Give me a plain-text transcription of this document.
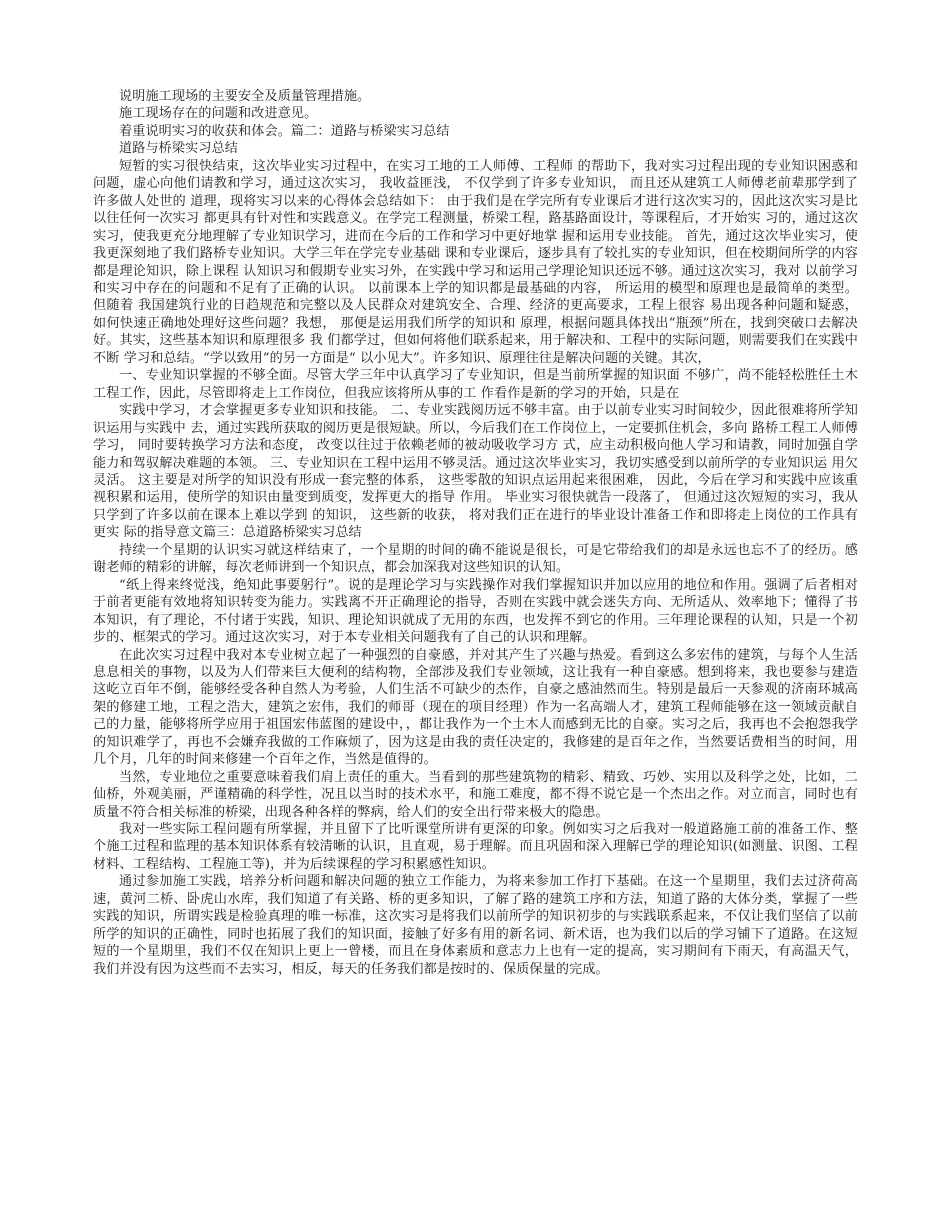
说明施工现场的主要安全及质量管理措施。

施工现场存在的问题和改进意见。

着重说明实习的收获和体会。篇二：道路与桥梁实习总结

道路与桥梁实习总结

短暂的实习很快结束，这次毕业实习过程中，在实习工地的工人师傅、工程师 的帮助下，我对实习过程出现的专业知识困惑和问题，虚心向他们请教和学习，通过这次实习， 我收益匪浅， 不仅学到了许多专业知识， 而且还从建筑工人师傅老前辈那学到了许多做人处世的 道理，现将实习以来的心得体会总结如下： 由于我们是在学完所有专业课后才进行这次实习的，因此这次实习是比以往任何一次实习 都更具有针对性和实践意义。在学完工程测量，桥梁工程，路基路面设计，等课程后，才开始实 习的，通过这次实习，使我更充分地理解了专业知识学习，进而在今后的工作和学习中更好地掌 握和运用专业技能。 首先，通过这次毕业实习，使我更深刻地了我们路桥专业知识。大学三年在学完专业基础 课和专业课后，逐步具有了较扎实的专业知识，但在校期间所学的内容都是理论知识，除上课程 认知识习和假期专业实习外，在实践中学习和运用己学理论知识还远不够。通过这次实习，我对 以前学习和实习中存在的问题和不足有了正确的认识。 以前课本上学的知识都是最基础的内容， 所运用的模型和原理也是最简单的类型。 但随着 我国建筑行业的日趋规范和完整以及人民群众对建筑安全、合理、经济的更高要求，工程上很容 易出现各种问题和疑惑， 如何快速正确地处理好这些问题？我想， 那便是运用我们所学的知识和 原理，根据问题具体找出“瓶颈”所在，找到突破口去解决好。其实，这些基本知识和原理很多 我 们都学过，但如何将他们联系起来，用于解决和、工程中的实际问题，则需要我们在实践中不断 学习和总结。“学以致用”的另一方面是“ 以小见大”。许多知识、原理往往是解决问题的关键。其次，

一、专业知识掌握的不够全面。尽管大学三年中认真学习了专业知识，但是当前所掌握的知识面 不够广，尚不能轻松胜任土木工程工作，因此，尽管即将走上工作岗位，但我应该将所从事的工 作看作是新的学习的开始，只是在

实践中学习，才会掌握更多专业知识和技能。 二、专业实践阅历远不够丰富。由于以前专业实习时间较少，因此很难将所学知识运用与实践中 去，通过实践所获取的阅历更是很短缺。所以，今后我们在工作岗位上，一定要抓住机会，多向 路桥工程工人师傅学习， 同时要转换学习方法和态度， 改变以往过于依赖老师的被动吸收学习方 式，应主动积极向他人学习和请教，同时加强自学能力和驾驭解决难题的本领。 三、专业知识在工程中运用不够灵活。通过这次毕业实习，我切实感受到以前所学的专业知识运 用欠灵活。 这主要是对所学的知识没有形成一套完整的体系， 这些零散的知识点运用起来很困难， 因此，今后在学习和实践中应该重视积累和运用，使所学的知识由量变到质变，发挥更大的指导 作用。 毕业实习很快就告一段落了， 但通过这次短短的实习，我从只学到了许多以前在课本上难以学到 的知识， 这些新的收获， 将对我们正在进行的毕业设计准备工作和即将走上岗位的工作具有更实 际的指导意文篇三：总道路桥梁实习总结

持续一个星期的认识实习就这样结束了，一个星期的时间的确不能说是很长，可是它带给我们的却是永远也忘不了的经历。感谢老师的精彩的讲解，每次老师讲到一个知识点，都会加深我对这些知识的认知。

“纸上得来终觉浅，绝知此事要躬行”。说的是理论学习与实践操作对我们掌握知识并加以应用的地位和作用。强调了后者相对于前者更能有效地将知识转变为能力。实践离不开正确理论的指导，否则在实践中就会迷失方向、无所适从、效率地下；懂得了书本知识，有了理论，不付诸于实践，知识、理论知识就成了无用的东西，也发挥不到它的作用。三年理论课程的认知，只是一个初步的、框架式的学习。通过这次实习，对于本专业相关问题我有了自己的认识和理解。

在此次实习过程中我对本专业树立起了一种强烈的自豪感，并对其产生了兴趣与热爱。看到这么多宏伟的建筑，与每个人生活息息相关的事物，以及为人们带来巨大便利的结构物，全部涉及我们专业领域，这让我有一种自豪感。想到将来，我也要参与建造这屹立百年不倒，能够经受各种自然人为考验，人们生活不可缺少的杰作，自豪之感油然而生。特别是最后一天参观的济南环城高架的修建工地，工程之浩大，建筑之宏伟，我们的师哥（现在的项目经理）作为一名高端人才，建筑工程师能够在这一领域贡献自己的力量，能够将所学应用于祖国宏伟蓝图的建设中，，都让我作为一个土木人而感到无比的自豪。实习之后，我再也不会抱怨我学的知识难学了，再也不会嫌弃我做的工作麻烦了，因为这是由我的责任决定的，我修建的是百年之作，当然要话费相当的时间，用几个月，几年的时间来修建一个百年之作，当然是值得的。

当然，专业地位之重要意味着我们肩上责任的重大。当看到的那些建筑物的精彩、精致、巧妙、实用以及科学之处，比如，二仙桥，外观美丽，严谨精确的科学性，况且以当时的技术水平，和施工难度，都不得不说它是一个杰出之作。对立而言，同时也有质量不符合相关标准的桥梁，出现各种各样的弊病，给人们的安全出行带来极大的隐患。

我对一些实际工程问题有所掌握，并且留下了比听课堂所讲有更深的印象。例如实习之后我对一般道路施工前的准备工作、整个施工过程和监理的基本知识体系有较清晰的认识，且直观，易于理解。而且巩固和深入理解已学的理论知识(如测量、识图、工程材料、工程结构、工程施工等)，并为后续课程的学习积累感性知识。

通过参加施工实践，培养分析问题和解决问题的独立工作能力，为将来参加工作打下基础。在这一个星期里，我们去过济荷高速，黄河二桥、卧虎山水库，我们知道了有关路、桥的更多知识，了解了路的建筑工序和方法，知道了路的大体分类，掌握了一些实践的知识，所谓实践是检验真理的唯一标准，这次实习是将我们以前所学的知识初步的与实践联系起来，不仅让我们坚信了以前所学的知识的正确性，同时也拓展了我们的知识面，接触了好多有用的新名词、新术语，也为我们以后的学习铺下了道路。在这短短的一个星期里，我们不仅在知识上更上一曾楼，而且在身体素质和意志力上也有一定的提高，实习期间有下雨天，有高温天气，我们并没有因为这些而不去实习，相反，每天的任务我们都是按时的、保质保量的完成。
